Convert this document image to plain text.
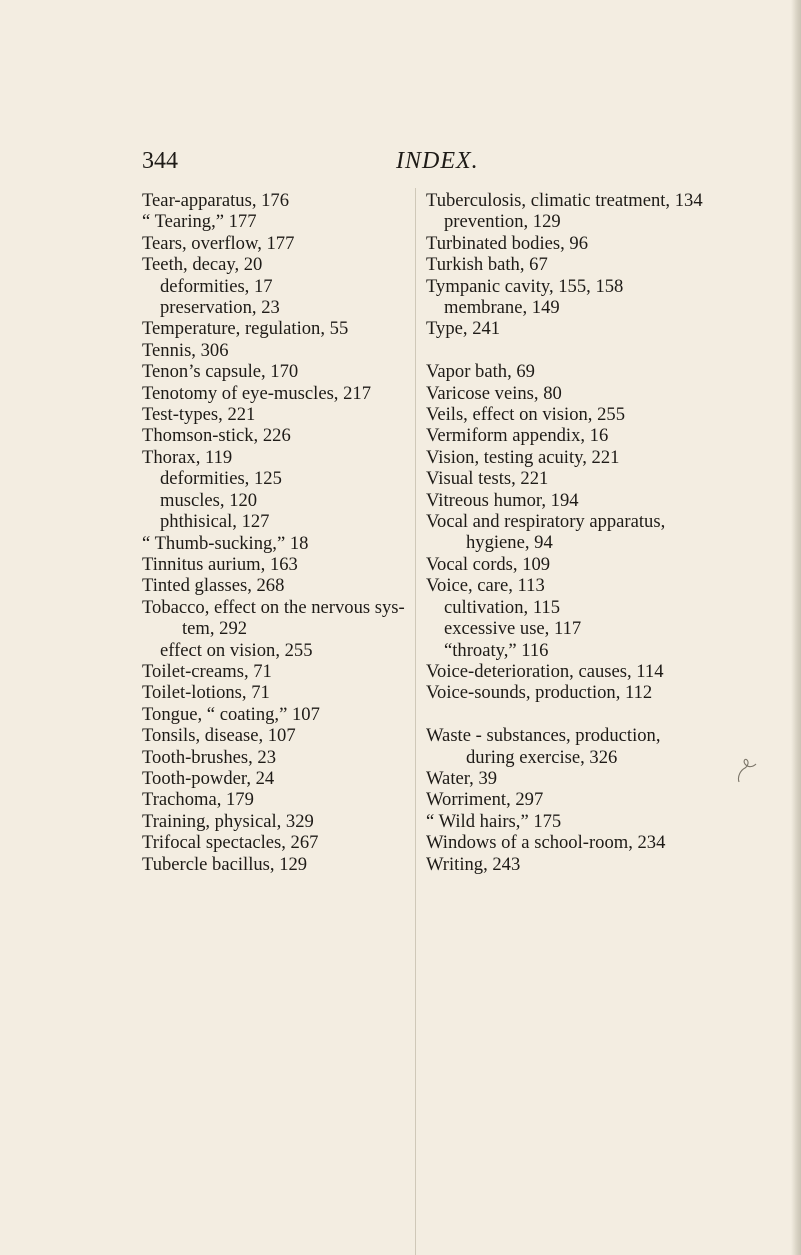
344	INDEX.
Tear-apparatus, 176
“ Tearing,” 177
Tears, overflow, 177
Teeth, decay, 20
deformities, 17
preservation, 23
Temperature, regulation, 55
Tennis, 306
Tenon’s capsule, 170
Tenotomy of eye-muscles, 217
Test-types, 221
Thomson-stick, 226
Thorax, 119
deformities, 125
muscles, 120
phthisical, 127
“ Thumb-sucking,” 18
Tinnitus aurium, 163
Tinted glasses, 268
Tobacco, effect on the nervous sys-
tem, 292
effect on vision, 255
Toilet-creams, 71
Toilet-lotions, 71
Tongue, “ coating,” 107
Tonsils, disease, 107
Tooth-brushes, 23
Tooth-powder, 24
Trachoma, 179
Training, physical, 329
Trifocal spectacles, 267
Tubercle bacillus, 129
Tuberculosis, climatic treatment, 134
prevention, 129
Turbinated bodies, 96
Turkish bath, 67
Tympanic cavity, 155, 158
membrane, 149
Type, 241
Vapor bath, 69
Varicose veins, 80
Veils, effect on vision, 255
Vermiform appendix, 16
Vision, testing acuity, 221
Visual tests, 221
Vitreous humor, 194
Vocal and respiratory apparatus,
hygiene, 94
Vocal cords, 109
Voice, care, 113
cultivation, 115
excessive use, 117
“throaty,” 116
Voice-deterioration, causes, 114
Voice-sounds, production, 112
Waste - substances, production,
during exercise, 326
Water, 39
Worriment, 297
“ Wild hairs,” 175
Windows of a school-room, 234
Writing, 243
